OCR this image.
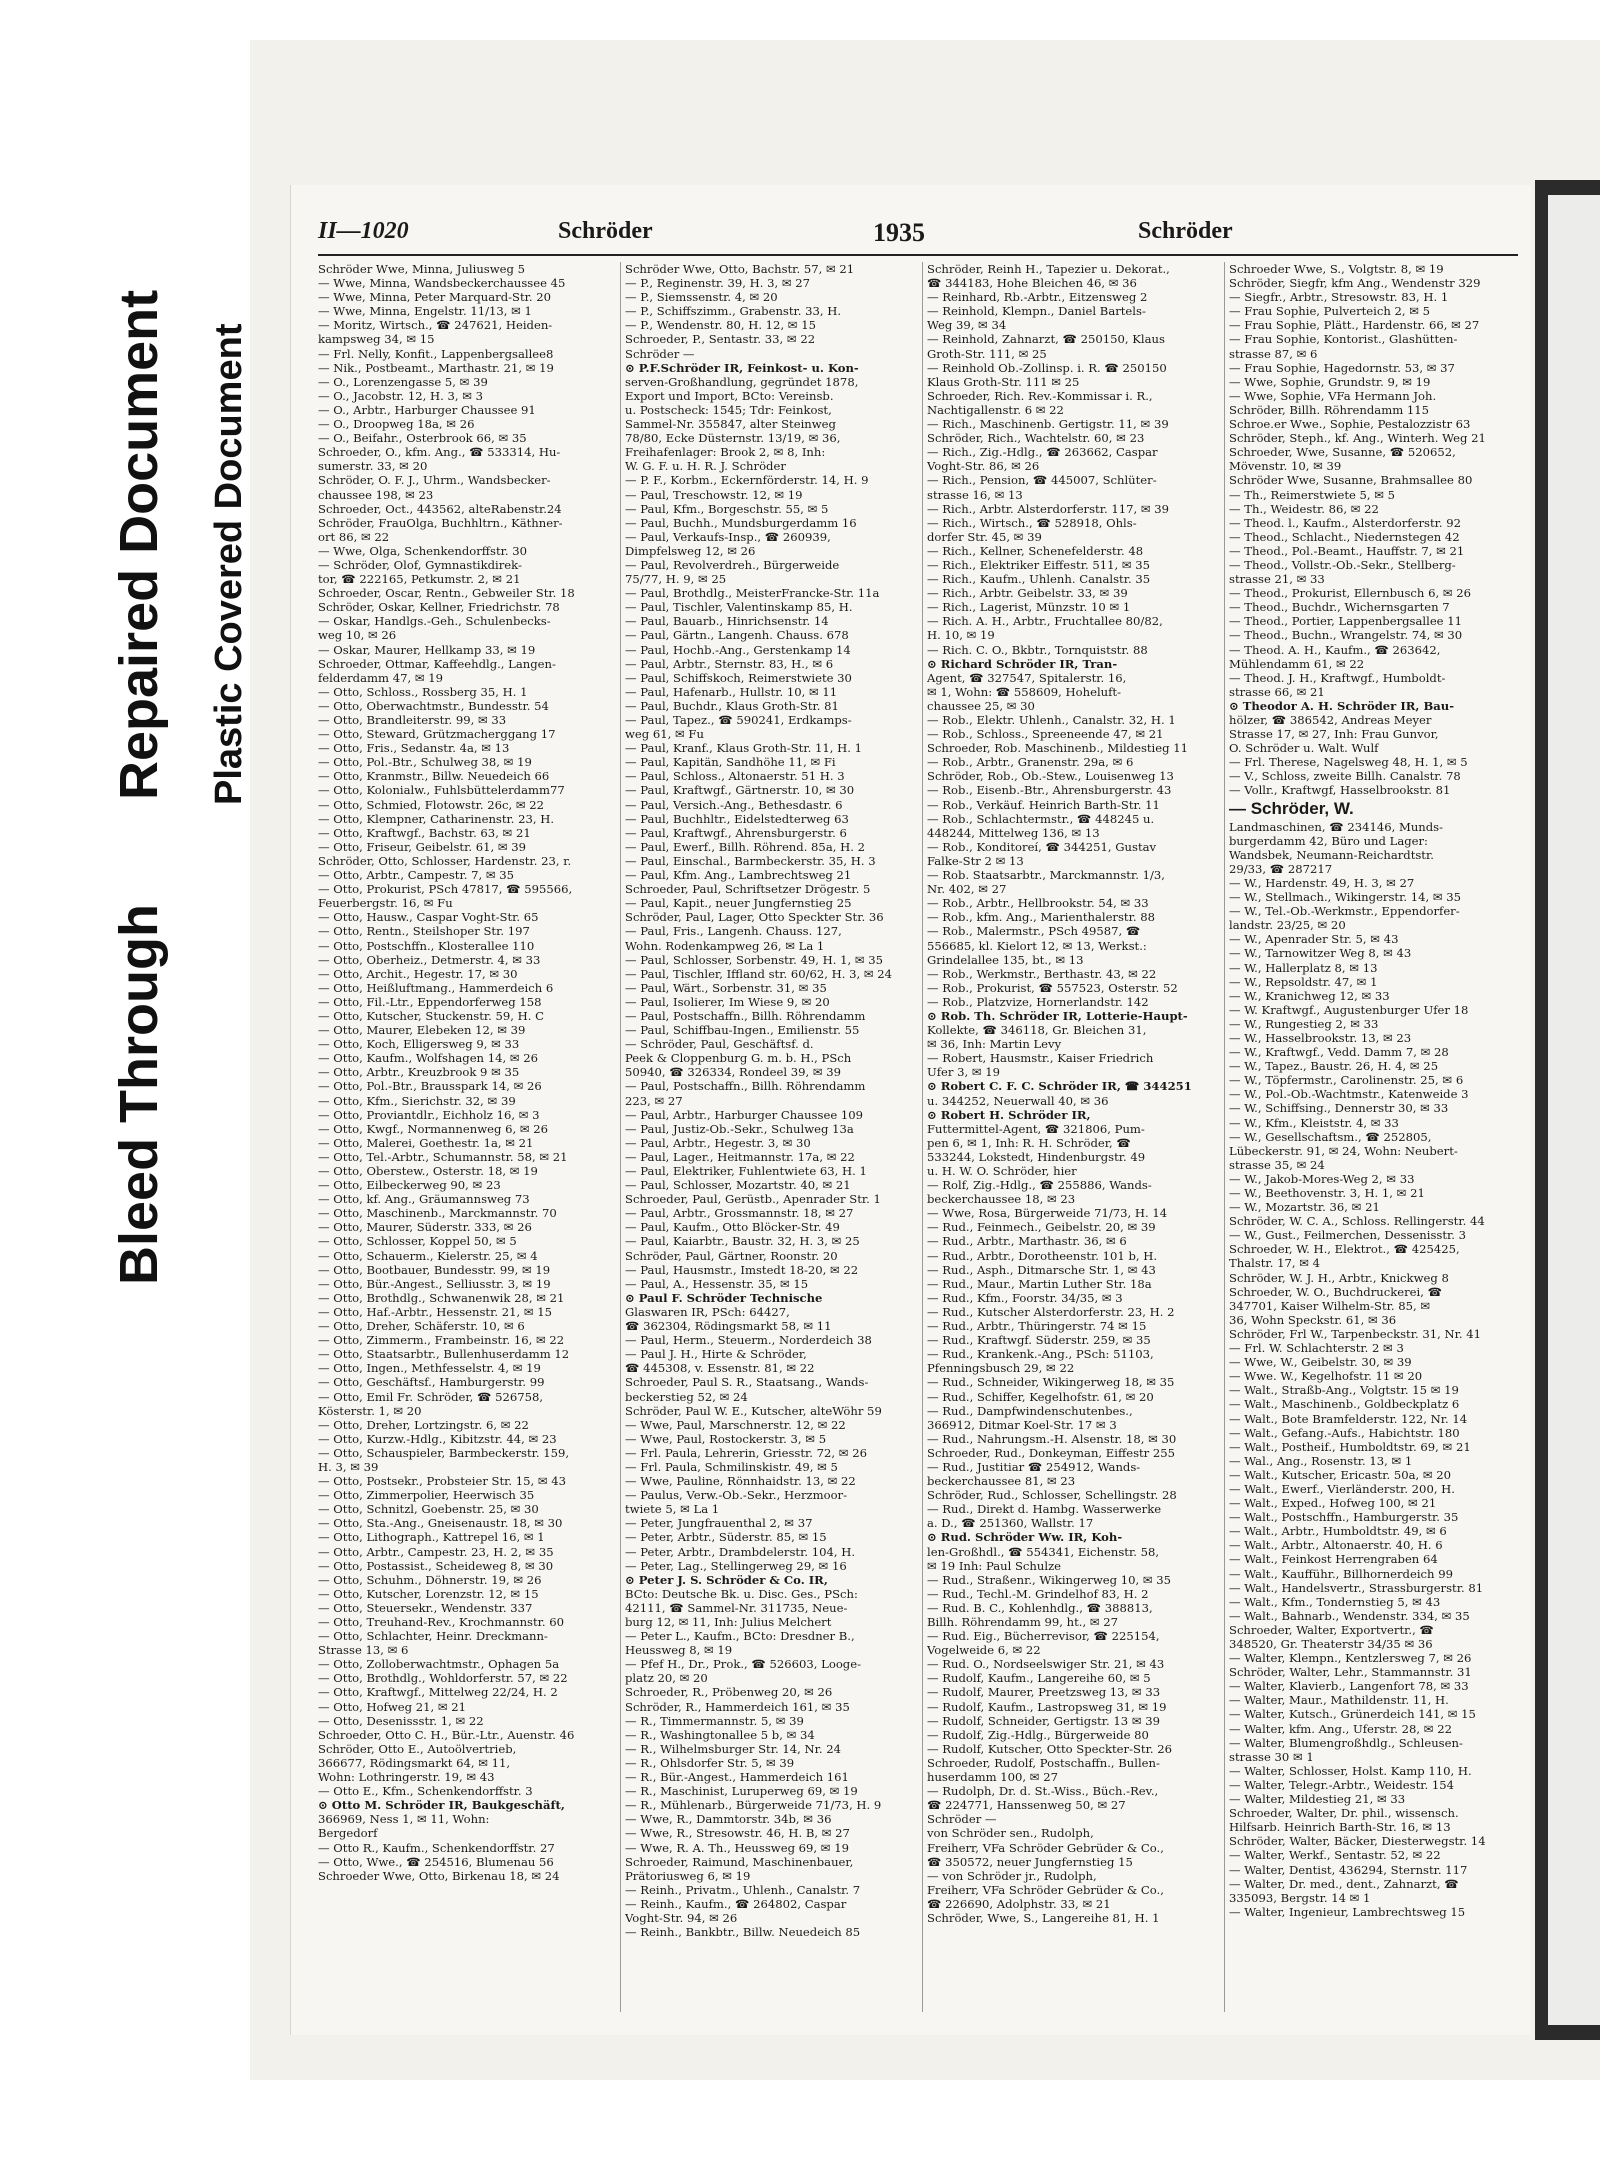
Bleed Through
Repaired Document Plastic Covered Document
II—1020	Schröder	1935	Schröder
Schröder Wwe, Minna, Juliusweg 5
— Wwe, Minna, Wandsbeckerchaussee 45
— Wwe, Minna, Peter Marquard-Str. 20
— Wwe, Minna, Engelstr. 11/13, ✉ 1
— Moritz, Wirtsch., ☎ 247621, Heiden-
kampsweg 34, ✉ 15
— Frl. Nelly, Konfit., Lappenbergsallee8
— Nik., Postbeamt., Marthastr. 21, ✉ 19
— O., Lorenzengasse 5, ✉ 39
— O., Jacobstr. 12, H. 3, ✉ 3
— O., Arbtr., Harburger Chaussee 91
— O., Droopweg 18a, ✉ 26
— O., Beifahr., Osterbrook 66, ✉ 35
Schroeder, O., kfm. Ang., ☎ 533314, Hu-
sumerstr. 33, ✉ 20
Schröder, O. F. J., Uhrm., Wandsbecker-
chaussee 198, ✉ 23
Schroeder, Oct., 443562, alteRabenstr.24
Schröder, FrauOlga, Buchhltrn., Käthner-
ort 86, ✉ 22
— Wwe, Olga, Schenkendorffstr. 30
— Schröder, Olof, Gymnastikdirek-
tor, ☎ 222165, Petkumstr. 2, ✉ 21
Schroeder, Oscar, Rentn., Gebweiler Str. 18
Schröder, Oskar, Kellner, Friedrichstr. 78
— Oskar, Handlgs.-Geh., Schulenbecks-
weg 10, ✉ 26
— Oskar, Maurer, Hellkamp 33, ✉ 19
Schroeder, Ottmar, Kaffeehdlg., Langen-
felderdamm 47, ✉ 19
— Otto, Schloss., Rossberg 35, H. 1
— Otto, Oberwachtmstr., Bundesstr. 54
— Otto, Brandleiterstr. 99, ✉ 33
— Otto, Steward, Grützmacherggang 17
— Otto, Fris., Sedanstr. 4a, ✉ 13
— Otto, Pol.-Btr., Schulweg 38, ✉ 19
— Otto, Kranmstr., Billw. Neuedeich 66
— Otto, Kolonialw., Fuhlsbüttelerdamm77
— Otto, Schmied, Flotowstr. 26c, ✉ 22
— Otto, Klempner, Catharinenstr. 23, H.
— Otto, Kraftwgf., Bachstr. 63, ✉ 21
— Otto, Friseur, Geibelstr. 61, ✉ 39
Schröder, Otto, Schlosser, Hardenstr. 23, r.
— Otto, Arbtr., Campestr. 7, ✉ 35
— Otto, Prokurist, PSch 47817, ☎ 595566,
Feuerbergstr. 16, ✉ Fu
— Otto, Hausw., Caspar Voght-Str. 65
— Otto, Rentn., Steilshoper Str. 197
— Otto, Postschffn., Klosterallee 110
— Otto, Oberheiz., Detmerstr. 4, ✉ 33
— Otto, Archit., Hegestr. 17, ✉ 30
— Otto, Heißluftmang., Hammerdeich 6
— Otto, Fil.-Ltr., Eppendorferweg 158
— Otto, Kutscher, Stuckenstr. 59, H. C
— Otto, Maurer, Elebeken 12, ✉ 39
— Otto, Koch, Elligersweg 9, ✉ 33
— Otto, Kaufm., Wolfshagen 14, ✉ 26
— Otto, Arbtr., Kreuzbrook 9 ✉ 35
— Otto, Pol.-Btr., Brausspark 14, ✉ 26
— Otto, Kfm., Sierichstr. 32, ✉ 39
— Otto, Proviantdlr., Eichholz 16, ✉ 3
— Otto, Kwgf., Normannenweg 6, ✉ 26
— Otto, Malerei, Goethestr. 1a, ✉ 21
— Otto, Tel.-Arbtr., Schumannstr. 58, ✉ 21
— Otto, Oberstew., Osterstr. 18, ✉ 19
— Otto, Eilbeckerweg 90, ✉ 23
— Otto, kf. Ang., Gräumannsweg 73
— Otto, Maschinenb., Marckmannstr. 70
— Otto, Maurer, Süderstr. 333, ✉ 26
— Otto, Schlosser, Koppel 50, ✉ 5
— Otto, Schauerm., Kielerstr. 25, ✉ 4
— Otto, Bootbauer, Bundesstr. 99, ✉ 19
— Otto, Bür.-Angest., Selliusstr. 3, ✉ 19
— Otto, Brothdlg., Schwanenwik 28, ✉ 21
— Otto, Haf.-Arbtr., Hessenstr. 21, ✉ 15
— Otto, Dreher, Schäferstr. 10, ✉ 6
— Otto, Zimmerm., Frambeinstr. 16, ✉ 22
— Otto, Staatsarbtr., Bullenhuserdamm 12
— Otto, Ingen., Methfesselstr. 4, ✉ 19
— Otto, Geschäftsf., Hamburgerstr. 99
— Otto, Emil Fr. Schröder, ☎ 526758,
Kösterstr. 1, ✉ 20
— Otto, Dreher, Lortzingstr. 6, ✉ 22
— Otto, Kurzw.-Hdlg., Kibitzstr. 44, ✉ 23
— Otto, Schauspieler, Barmbeckerstr. 159,
H. 3, ✉ 39
— Otto, Postsekr., Probsteier Str. 15, ✉ 43
— Otto, Zimmerpolier, Heerwisch 35
— Otto, Schnitzl, Goebenstr. 25, ✉ 30
— Otto, Sta.-Ang., Gneisenaustr. 18, ✉ 30
— Otto, Lithograph., Kattrepel 16, ✉ 1
— Otto, Arbtr., Campestr. 23, H. 2, ✉ 35
— Otto, Postassist., Scheideweg 8, ✉ 30
— Otto, Schuhm., Döhnerstr. 19, ✉ 26
— Otto, Kutscher, Lorenzstr. 12, ✉ 15
— Otto, Steuersekr., Wendenstr. 337
— Otto, Treuhand-Rev., Krochmannstr. 60
— Otto, Schlachter, Heinr. Dreckmann-
Strasse 13, ✉ 6
— Otto, Zolloberwachtmstr., Ophagen 5a
— Otto, Brothdlg., Wohldorferstr. 57, ✉ 22
— Otto, Kraftwgf., Mittelweg 22/24, H. 2
— Otto, Hofweg 21, ✉ 21
— Otto, Desenissstr. 1, ✉ 22
Schroeder, Otto C. H., Bür.-Ltr., Auenstr. 46
Schröder, Otto E., Autoölvertrieb,
366677, Rödingsmarkt 64, ✉ 11,
Wohn: Lothringerstr. 19, ✉ 43
— Otto E., Kfm., Schenkendorffstr. 3
⊙ Otto M. Schröder IR, Baukgeschäft,
366969, Ness 1, ✉ 11, Wohn:
Bergedorf
— Otto R., Kaufm., Schenkendorffstr. 27
— Otto, Wwe., ☎ 254516, Blumenau 56
Schroeder Wwe, Otto, Birkenau 18, ✉ 24
Schröder Wwe, Otto, Bachstr. 57, ✉ 21
— P., Reginenstr. 39, H. 3, ✉ 27
— P., Siemssenstr. 4, ✉ 20
— P., Schiffszimm., Grabenstr. 33, H.
— P., Wendenstr. 80, H. 12, ✉ 15
Schroeder, P., Sentastr. 33, ✉ 22
Schröder —
⊙ P.F.Schröder IR, Feinkost- u. Kon-
serven-Großhandlung, gegründet 1878,
Export und Import, BCto: Vereinsb.
u. Postscheck: 1545; Tdr: Feinkost,
Sammel-Nr. 355847, alter Steinweg
78/80, Ecke Düsternstr. 13/19, ✉ 36,
Freihafenlager: Brook 2, ✉ 8, Inh:
W. G. F. u. H. R. J. Schröder
— P. F., Korbm., Eckernförderstr. 14, H. 9
— Paul, Treschowstr. 12, ✉ 19
— Paul, Kfm., Borgeschstr. 55, ✉ 5
— Paul, Buchh., Mundsburgerdamm 16
— Paul, Verkaufs-Insp., ☎ 260939,
Dimpfelsweg 12, ✉ 26
— Paul, Revolverdreh., Bürgerweide
75/77, H. 9, ✉ 25
— Paul, Brothdlg., MeisterFrancke-Str. 11a
— Paul, Tischler, Valentinskamp 85, H.
— Paul, Bauarb., Hinrichsenstr. 14
— Paul, Gärtn., Langenh. Chauss. 678
— Paul, Hochb.-Ang., Gerstenkamp 14
— Paul, Arbtr., Sternstr. 83, H., ✉ 6
— Paul, Schiffskoch, Reimerstwiete 30
— Paul, Hafenarb., Hullstr. 10, ✉ 11
— Paul, Buchdr., Klaus Groth-Str. 81
— Paul, Tapez., ☎ 590241, Erdkamps-
weg 61, ✉ Fu
— Paul, Kranf., Klaus Groth-Str. 11, H. 1
— Paul, Kapitän, Sandhöhe 11, ✉ Fi
— Paul, Schloss., Altonaerstr. 51 H. 3
— Paul, Kraftwgf., Gärtnerstr. 10, ✉ 30
— Paul, Versich.-Ang., Bethesdastr. 6
— Paul, Buchhltr., Eidelstedterweg 63
— Paul, Kraftwgf., Ahrensburgerstr. 6
— Paul, Ewerf., Billh. Röhrend. 85a, H. 2
— Paul, Einschal., Barmbeckerstr. 35, H. 3
— Paul, Kfm. Ang., Lambrechtsweg 21
Schroeder, Paul, Schriftsetzer Drögestr. 5
— Paul, Kapit., neuer Jungfernstieg 25
Schröder, Paul, Lager, Otto Speckter Str. 36
— Paul, Fris., Langenh. Chauss. 127,
Wohn. Rodenkampweg 26, ✉ La 1
— Paul, Schlosser, Sorbenstr. 49, H. 1, ✉ 35
— Paul, Tischler, Iffland str. 60/62, H. 3, ✉ 24
— Paul, Wärt., Sorbenstr. 31, ✉ 35
— Paul, Isolierer, Im Wiese 9, ✉ 20
— Paul, Postschaffn., Billh. Röhrendamm
— Paul, Schiffbau-Ingen., Emilienstr. 55
— Schröder, Paul, Geschäftsf. d.
Peek & Cloppenburg G. m. b. H., PSch
50940, ☎ 326334, Rondeel 39, ✉ 39
— Paul, Postschaffn., Billh. Röhrendamm
223, ✉ 27
— Paul, Arbtr., Harburger Chaussee 109
— Paul, Justiz-Ob.-Sekr., Schulweg 13a
— Paul, Arbtr., Hegestr. 3, ✉ 30
— Paul, Lager., Heitmannstr. 17a, ✉ 22
— Paul, Elektriker, Fuhlentwiete 63, H. 1
— Paul, Schlosser, Mozartstr. 40, ✉ 21
Schroeder, Paul, Gerüstb., Apenrader Str. 1
— Paul, Arbtr., Grossmannstr. 18, ✉ 27
— Paul, Kaufm., Otto Blöcker-Str. 49
— Paul, Kaiarbtr., Baustr. 32, H. 3, ✉ 25
Schröder, Paul, Gärtner, Roonstr. 20
— Paul, Hausmstr., Imstedt 18-20, ✉ 22
— Paul, A., Hessenstr. 35, ✉ 15
⊙ Paul F. Schröder Technische
Glaswaren IR, PSch: 64427,
☎ 362304, Rödingsmarkt 58, ✉ 11
— Paul, Herm., Steuerm., Norderdeich 38
— Paul J. H., Hirte & Schröder,
☎ 445308, v. Essenstr. 81, ✉ 22
Schroeder, Paul S. R., Staatsang., Wands-
beckerstieg 52, ✉ 24
Schröder, Paul W. E., Kutscher, alteWöhr 59
— Wwe, Paul, Marschnerstr. 12, ✉ 22
— Wwe, Paul, Rostockerstr. 3, ✉ 5
— Frl. Paula, Lehrerin, Griesstr. 72, ✉ 26
— Frl. Paula, Schmilinskistr. 49, ✉ 5
— Wwe, Pauline, Rönnhaidstr. 13, ✉ 22
— Paulus, Verw.-Ob.-Sekr., Herzmoor-
twiete 5, ✉ La 1
— Peter, Jungfrauenthal 2, ✉ 37
— Peter, Arbtr., Süderstr. 85, ✉ 15
— Peter, Arbtr., Drambdelerstr. 104, H.
— Peter, Lag., Stellingerweg 29, ✉ 16
⊙ Peter J. S. Schröder & Co. IR,
BCto: Deutsche Bk. u. Disc. Ges., PSch:
42111, ☎ Sammel-Nr. 311735, Neue-
burg 12, ✉ 11, Inh: Julius Melchert
— Peter L., Kaufm., BCto: Dresdner B.,
Heussweg 8, ✉ 19
— Pfef H., Dr., Prok., ☎ 526603, Looge-
platz 20, ✉ 20
Schroeder, R., Pröbenweg 20, ✉ 26
Schröder, R., Hammerdeich 161, ✉ 35
— R., Timmermannstr. 5, ✉ 39
— R., Washingtonallee 5 b, ✉ 34
— R., Wilhelmsburger Str. 14, Nr. 24
— R., Ohlsdorfer Str. 5, ✉ 39
— R., Bür.-Angest., Hammerdeich 161
— R., Maschinist, Luruperweg 69, ✉ 19
— R., Mühlenarb., Bürgerweide 71/73, H. 9
— Wwe, R., Dammtorstr. 34b, ✉ 36
— Wwe, R., Stresowstr. 46, H. B, ✉ 27
— Wwe, R. A. Th., Heussweg 69, ✉ 19
Schroeder, Raimund, Maschinenbauer,
Prätoriusweg 6, ✉ 19
— Reinh., Privatm., Uhlenh., Canalstr. 7
— Reinh., Kaufm., ☎ 264802, Caspar
Voght-Str. 94, ✉ 26
— Reinh., Bankbtr., Billw. Neuedeich 85
Schröder, Reinh H., Tapezier u. Dekorat.,
☎ 344183, Hohe Bleichen 46, ✉ 36
— Reinhard, Rb.-Arbtr., Eitzensweg 2
— Reinhold, Klempn., Daniel Bartels-
Weg 39, ✉ 34
— Reinhold, Zahnarzt, ☎ 250150, Klaus
Groth-Str. 111, ✉ 25
— Reinhold Ob.-Zollinsp. i. R. ☎ 250150
Klaus Groth-Str. 111 ✉ 25
Schroeder, Rich. Rev.-Kommissar i. R.,
Nachtigallenstr. 6 ✉ 22
— Rich., Maschinenb. Gertigstr. 11, ✉ 39
Schröder, Rich., Wachtelstr. 60, ✉ 23
— Rich., Zig.-Hdlg., ☎ 263662, Caspar
Voght-Str. 86, ✉ 26
— Rich., Pension, ☎ 445007, Schlüter-
strasse 16, ✉ 13
— Rich., Arbtr. Alsterdorferstr. 117, ✉ 39
— Rich., Wirtsch., ☎ 528918, Ohls-
dorfer Str. 45, ✉ 39
— Rich., Kellner, Schenefelderstr. 48
— Rich., Elektriker Eiffestr. 511, ✉ 35
— Rich., Kaufm., Uhlenh. Canalstr. 35
— Rich., Arbtr. Geibelstr. 33, ✉ 39
— Rich., Lagerist, Münzstr. 10 ✉ 1
— Rich. A. H., Arbtr., Fruchtallee 80/82,
H. 10, ✉ 19
— Rich. C. O., Bkbtr., Tornquiststr. 88
⊙ Richard Schröder IR, Tran-
Agent, ☎ 327547, Spitalerstr. 16,
✉ 1, Wohn: ☎ 558609, Hoheluft-
chaussee 25, ✉ 30
— Rob., Elektr. Uhlenh., Canalstr. 32, H. 1
— Rob., Schloss., Spreeneende 47, ✉ 21
Schroeder, Rob. Maschinenb., Mildestieg 11
— Rob., Arbtr., Granenstr. 29a, ✉ 6
Schröder, Rob., Ob.-Stew., Louisenweg 13
— Rob., Eisenb.-Btr., Ahrensburgerstr. 43
— Rob., Verkäuf. Heinrich Barth-Str. 11
— Rob., Schlachtermstr., ☎ 448245 u.
448244, Mittelweg 136, ✉ 13
— Rob., Konditoreí, ☎ 344251, Gustav
Falke-Str 2 ✉ 13
— Rob. Staatsarbtr., Marckmannstr. 1/3,
Nr. 402, ✉ 27
— Rob., Arbtr., Hellbrookstr. 54, ✉ 33
— Rob., kfm. Ang., Marienthalerstr. 88
— Rob., Malermstr., PSch 49587, ☎
556685, kl. Kielort 12, ✉ 13, Werkst.:
Grindelallee 135, bt., ✉ 13
— Rob., Werkmstr., Berthastr. 43, ✉ 22
— Rob., Prokurist, ☎ 557523, Osterstr. 52
— Rob., Platzvize, Hornerlandstr. 142
⊙ Rob. Th. Schröder IR, Lotterie-Haupt-
Kollekte, ☎ 346118, Gr. Bleichen 31,
✉ 36, Inh: Martin Levy
— Robert, Hausmstr., Kaiser Friedrich
Ufer 3, ✉ 19
⊙ Robert C. F. C. Schröder IR, ☎ 344251
u. 344252, Neuerwall 40, ✉ 36
⊙ Robert H. Schröder IR,
Futtermittel-Agent, ☎ 321806, Pum-
pen 6, ✉ 1, Inh: R. H. Schröder, ☎
533244, Lokstedt, Hindenburgstr. 49
u. H. W. O. Schröder, hier
— Rolf, Zig.-Hdlg., ☎ 255886, Wands-
beckerchaussee 18, ✉ 23
— Wwe, Rosa, Bürgerweide 71/73, H. 14
— Rud., Feinmech., Geibelstr. 20, ✉ 39
— Rud., Arbtr., Marthastr. 36, ✉ 6
— Rud., Arbtr., Dorotheenstr. 101 b, H.
— Rud., Asph., Ditmarsche Str. 1, ✉ 43
— Rud., Maur., Martin Luther Str. 18a
— Rud., Kfm., Foorstr. 34/35, ✉ 3
— Rud., Kutscher Alsterdorferstr. 23, H. 2
— Rud., Arbtr., Thüringerstr. 74 ✉ 15
— Rud., Kraftwgf. Süderstr. 259, ✉ 35
— Rud., Krankenk.-Ang., PSch: 51103,
Pfenningsbusch 29, ✉ 22
— Rud., Schneider, Wikingerweg 18, ✉ 35
— Rud., Schiffer, Kegelhofstr. 61, ✉ 20
— Rud., Dampfwindenschutenbes.,
366912, Ditmar Koel-Str. 17 ✉ 3
— Rud., Nahrungsm.-H. Alsenstr. 18, ✉ 30
Schroeder, Rud., Donkeyman, Eiffestr 255
— Rud., Justitiar ☎ 254912, Wands-
beckerchaussee 81, ✉ 23
Schröder, Rud., Schlosser, Schellingstr. 28
— Rud., Direkt d. Hambg. Wasserwerke
a. D., ☎ 251360, Wallstr. 17
⊙ Rud. Schröder Ww. IR, Koh-
len-Großhdl., ☎ 554341, Eichenstr. 58,
✉ 19 Inh: Paul Schulze
— Rud., Straßenr., Wikingerweg 10, ✉ 35
— Rud., Techl.-M. Grindelhof 83, H. 2
— Rud. B. C., Kohlenhdlg., ☎ 388813,
Billh. Röhrendamm 99, ht., ✉ 27
— Rud. Eig., Bücherrevisor, ☎ 225154,
Vogelweide 6, ✉ 22
— Rud. O., Nordseelswiger Str. 21, ✉ 43
— Rudolf, Kaufm., Langereihe 60, ✉ 5
— Rudolf, Maurer, Preetzsweg 13, ✉ 33
— Rudolf, Kaufm., Lastropsweg 31, ✉ 19
— Rudolf, Schneider, Gertigstr. 13 ✉ 39
— Rudolf, Zig.-Hdlg., Bürgerweide 80
— Rudolf, Kutscher, Otto Speckter-Str. 26
Schroeder, Rudolf, Postschaffn., Bullen-
huserdamm 100, ✉ 27
— Rudolph, Dr. d. St.-Wiss., Büch.-Rev.,
☎ 224771, Hanssenweg 50, ✉ 27
Schröder —
von Schröder sen., Rudolph,
Freiherr, VFa Schröder Gebrüder & Co.,
☎ 350572, neuer Jungfernstieg 15
— von Schröder jr., Rudolph,
Freiherr, VFa Schröder Gebrüder & Co.,
☎ 226690, Adolphstr. 33, ✉ 21
Schröder, Wwe, S., Langereihe 81, H. 1
Schroeder Wwe, S., Volgtstr. 8, ✉ 19
Schröder, Siegfr, kfm Ang., Wendenstr 329
— Siegfr., Arbtr., Stresowstr. 83, H. 1
— Frau Sophie, Pulverteich 2, ✉ 5
— Frau Sophie, Plätt., Hardenstr. 66, ✉ 27
— Frau Sophie, Kontorist., Glashütten-
strasse 87, ✉ 6
— Frau Sophie, Hagedornstr. 53, ✉ 37
— Wwe, Sophie, Grundstr. 9, ✉ 19
— Wwe, Sophie, VFa Hermann Joh.
Schröder, Billh. Röhrendamm 115
Schroe.er Wwe., Sophie, Pestalozzistr 63
Schröder, Steph., kf. Ang., Winterh. Weg 21
Schroeder, Wwe, Susanne, ☎ 520652,
Mövenstr. 10, ✉ 39
Schröder Wwe, Susanne, Brahmsallee 80
— Th., Reimerstwiete 5, ✉ 5
— Th., Weidestr. 86, ✉ 22
— Theod. l., Kaufm., Alsterdorferstr. 92
— Theod., Schlacht., Niedernstegen 42
— Theod., Pol.-Beamt., Hauffstr. 7, ✉ 21
— Theod., Vollstr.-Ob.-Sekr., Stellberg-
strasse 21, ✉ 33
— Theod., Prokurist, Ellernbusch 6, ✉ 26
— Theod., Buchdr., Wichernsgarten 7
— Theod., Portier, Lappenbergsallee 11
— Theod., Buchn., Wrangelstr. 74, ✉ 30
— Theod. A. H., Kaufm., ☎ 263642,
Mühlendamm 61, ✉ 22
— Theod. J. H., Kraftwgf., Humboldt-
strasse 66, ✉ 21
⊙ Theodor A. H. Schröder IR, Bau-
hölzer, ☎ 386542, Andreas Meyer
Strasse 17, ✉ 27, Inh: Frau Gunvor,
O. Schröder u. Walt. Wulf
— Frl. Therese, Nagelsweg 48, H. 1, ✉ 5
— V., Schloss, zweite Billh. Canalstr. 78
— Vollr., Kraftwgf, Hasselbrookstr. 81
— Schröder, W.
Landmaschinen, ☎ 234146, Munds-
burgerdamm 42, Büro und Lager:
Wandsbek, Neumann-Reichardtstr.
29/33, ☎ 287217
— W., Hardenstr. 49, H. 3, ✉ 27
— W., Stellmach., Wikingerstr. 14, ✉ 35
— W., Tel.-Ob.-Werkmstr., Eppendorfer-
landstr. 23/25, ✉ 20
— W., Apenrader Str. 5, ✉ 43
— W., Tarnowitzer Weg 8, ✉ 43
— W., Hallerplatz 8, ✉ 13
— W., Repsoldstr. 47, ✉ 1
— W., Kranichweg 12, ✉ 33
— W. Kraftwgf., Augustenburger Ufer 18
— W., Rungestieg 2, ✉ 33
— W., Hasselbrookstr. 13, ✉ 23
— W., Kraftwgf., Vedd. Damm 7, ✉ 28
— W., Tapez., Baustr. 26, H. 4, ✉ 25
— W., Töpfermstr., Carolinenstr. 25, ✉ 6
— W., Pol.-Ob.-Wachtmstr., Katenweide 3
— W., Schiffsing., Dennerstr 30, ✉ 33
— W., Kfm., Kleiststr. 4, ✉ 33
— W., Gesellschaftsm., ☎ 252805,
Lübeckerstr. 91, ✉ 24, Wohn: Neubert-
strasse 35, ✉ 24
— W., Jakob-Mores-Weg 2, ✉ 33
— W., Beethovenstr. 3, H. 1, ✉ 21
— W., Mozartstr. 36, ✉ 21
Schröder, W. C. A., Schloss. Rellingerstr. 44
— W., Gust., Feilmerchen, Dessenisstr. 3
Schroeder, W. H., Elektrot., ☎ 425425,
Thalstr. 17, ✉ 4
Schröder, W. J. H., Arbtr., Knickweg 8
Schroeder, W. O., Buchdruckerei, ☎
347701, Kaiser Wilhelm-Str. 85, ✉
36, Wohn Speckstr. 61, ✉ 36
Schröder, Frl W., Tarpenbeckstr. 31, Nr. 41
— Frl. W. Schlachterstr. 2 ✉ 3
— Wwe, W., Geibelstr. 30, ✉ 39
— Wwe. W., Kegelhofstr. 11 ✉ 20
— Walt., Straßb-Ang., Volgtstr. 15 ✉ 19
— Walt., Maschinenb., Goldbeckplatz 6
— Walt., Bote Bramfelderstr. 122, Nr. 14
— Walt., Gefang.-Aufs., Habichtstr. 180
— Walt., Postheif., Humboldtstr. 69, ✉ 21
— Wal., Ang., Rosenstr. 13, ✉ 1
— Walt., Kutscher, Ericastr. 50a, ✉ 20
— Walt., Ewerf., Vierländerstr. 200, H.
— Walt., Exped., Hofweg 100, ✉ 21
— Walt., Postschffn., Hamburgerstr. 35
— Walt., Arbtr., Humboldtstr. 49, ✉ 6
— Walt., Arbtr., Altonaerstr. 40, H. 6
— Walt., Feinkost Herrengraben 64
— Walt., Kaufführ., Billhornerdeich 99
— Walt., Handelsvertr., Strassburgerstr. 81
— Walt., Kfm., Tondernstieg 5, ✉ 43
— Walt., Bahnarb., Wendenstr. 334, ✉ 35
Schroeder, Walter, Exportvertr., ☎
348520, Gr. Theaterstr 34/35 ✉ 36
— Walter, Klempn., Kentzlersweg 7, ✉ 26
Schröder, Walter, Lehr., Stammannstr. 31
— Walter, Klavierb., Langenfort 78, ✉ 33
— Walter, Maur., Mathildenstr. 11, H.
— Walter, Kutsch., Grünerdeich 141, ✉ 15
— Walter, kfm. Ang., Uferstr. 28, ✉ 22
— Walter, Blumengroßhdlg., Schleusen-
strasse 30 ✉ 1
— Walter, Schlosser, Holst. Kamp 110, H.
— Walter, Telegr.-Arbtr., Weidestr. 154
— Walter, Mildestieg 21, ✉ 33
Schroeder, Walter, Dr. phil., wissensch.
Hilfsarb. Heinrich Barth-Str. 16, ✉ 13
Schröder, Walter, Bäcker, Diesterwegstr. 14
— Walter, Werkf., Sentastr. 52, ✉ 22
— Walter, Dentist, 436294, Sternstr. 117
— Walter, Dr. med., dent., Zahnarzt, ☎
335093, Bergstr. 14 ✉ 1
— Walter, Ingenieur, Lambrechtsweg 15
